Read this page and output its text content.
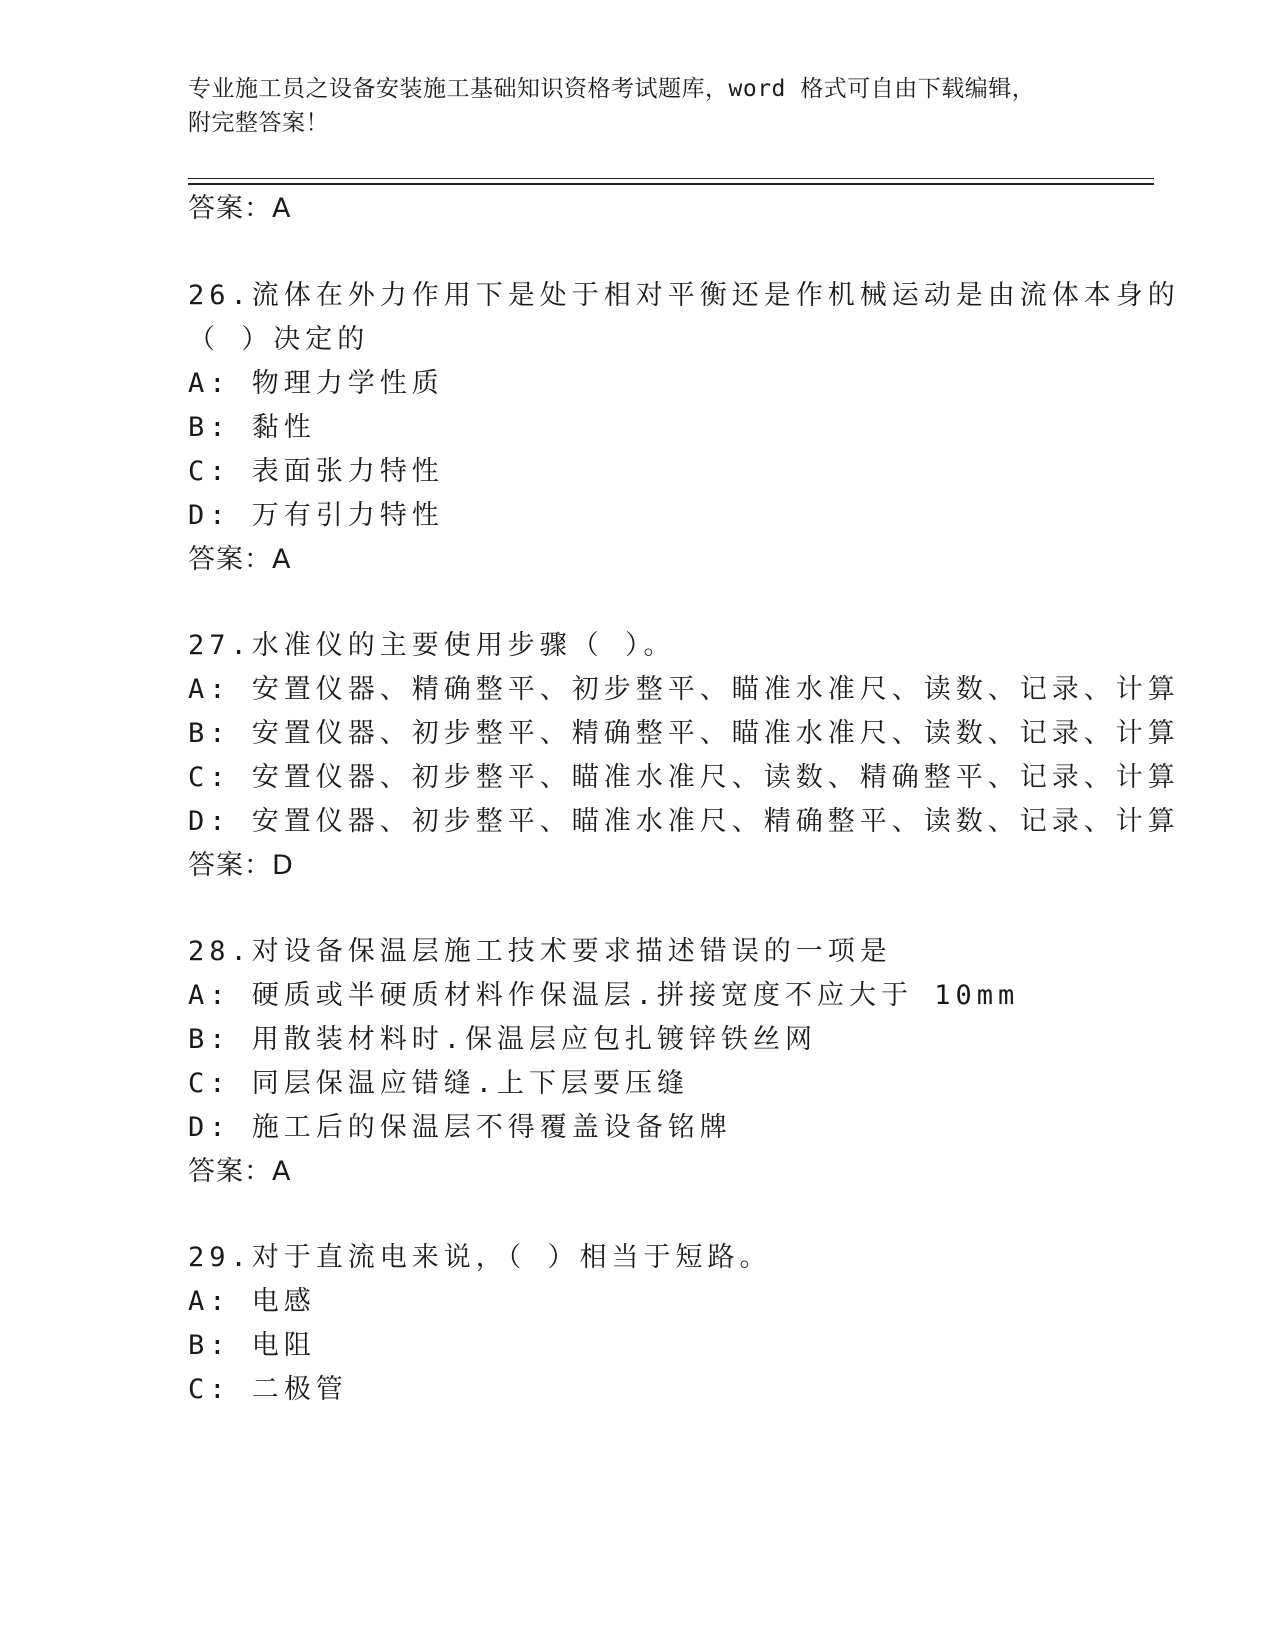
专业施工员之设备安装施工基础知识资格考试题库，word 格式可自由下载编辑，
附完整答案！
答案：A
26.流体在外力作用下是处于相对平衡还是作机械运动是由流体本身的
（ ）决定的
A: 物理力学性质
B: 黏性
C: 表面张力特性
D: 万有引力特性
答案：A
27.水准仪的主要使用步骤（ ）。
A: 安置仪器、精确整平、初步整平、瞄准水准尺、读数、记录、计算
B: 安置仪器、初步整平、精确整平、瞄准水准尺、读数、记录、计算
C: 安置仪器、初步整平、瞄准水准尺、读数、精确整平、记录、计算
D: 安置仪器、初步整平、瞄准水准尺、精确整平、读数、记录、计算
答案：D
28.对设备保温层施工技术要求描述错误的一项是
A: 硬质或半硬质材料作保温层.拼接宽度不应大于 10mm
B: 用散装材料时.保温层应包扎镀锌铁丝网
C: 同层保温应错缝.上下层要压缝
D: 施工后的保温层不得覆盖设备铭牌
答案：A
29.对于直流电来说，（ ）相当于短路。
A: 电感
B: 电阻
C: 二极管
